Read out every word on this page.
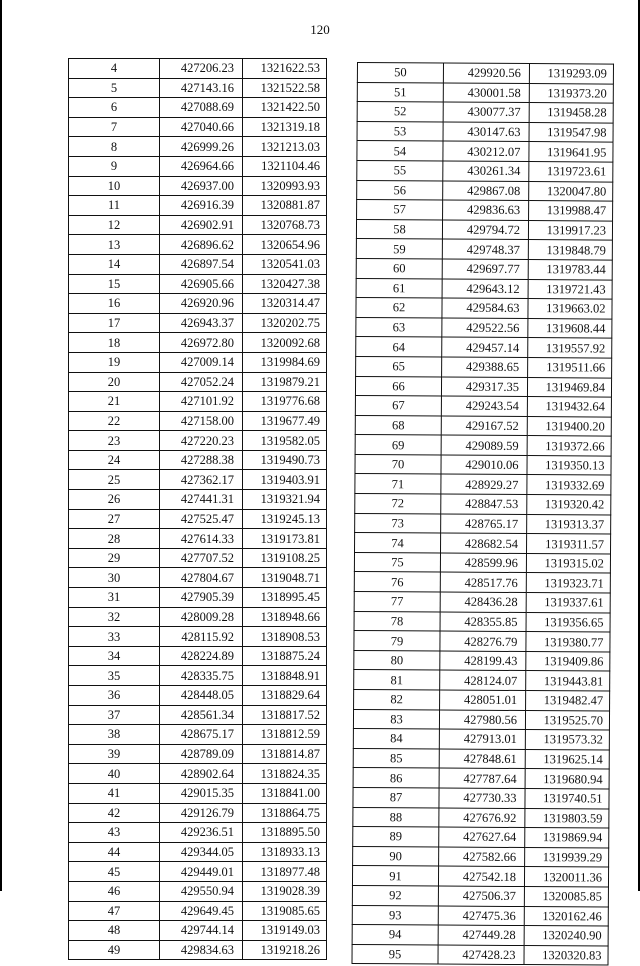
120
4	427206.23	1321622.53
5	427143.16	1321522.58
6	427088.69	1321422.50
7	427040.66	1321319.18
8	426999.26	1321213.03
9	426964.66	1321104.46
10	426937.00	1320993.93
11	426916.39	1320881.87
12	426902.91	1320768.73
13	426896.62	1320654.96
14	426897.54	1320541.03
15	426905.66	1320427.38
16	426920.96	1320314.47
17	426943.37	1320202.75
18	426972.80	1320092.68
19	427009.14	1319984.69
20	427052.24	1319879.21
21	427101.92	1319776.68
22	427158.00	1319677.49
23	427220.23	1319582.05
24	427288.38	1319490.73
25	427362.17	1319403.91
26	427441.31	1319321.94
27	427525.47	1319245.13
28	427614.33	1319173.81
29	427707.52	1319108.25
30	427804.67	1319048.71
31	427905.39	1318995.45
32	428009.28	1318948.66
33	428115.92	1318908.53
34	428224.89	1318875.24
35	428335.75	1318848.91
36	428448.05	1318829.64
37	428561.34	1318817.52
38	428675.17	1318812.59
39	428789.09	1318814.87
40	428902.64	1318824.35
41	429015.35	1318841.00
42	429126.79	1318864.75
43	429236.51	1318895.50
44	429344.05	1318933.13
45	429449.01	1318977.48
46	429550.94	1319028.39
47	429649.45	1319085.65
48	429744.14	1319149.03
49	429834.63	1319218.26
50	429920.56	1319293.09
51	430001.58	1319373.20
52	430077.37	1319458.28
53	430147.63	1319547.98
54	430212.07	1319641.95
55	430261.34	1319723.61
56	429867.08	1320047.80
57	429836.63	1319988.47
58	429794.72	1319917.23
59	429748.37	1319848.79
60	429697.77	1319783.44
61	429643.12	1319721.43
62	429584.63	1319663.02
63	429522.56	1319608.44
64	429457.14	1319557.92
65	429388.65	1319511.66
66	429317.35	1319469.84
67	429243.54	1319432.64
68	429167.52	1319400.20
69	429089.59	1319372.66
70	429010.06	1319350.13
71	428929.27	1319332.69
72	428847.53	1319320.42
73	428765.17	1319313.37
74	428682.54	1319311.57
75	428599.96	1319315.02
76	428517.76	1319323.71
77	428436.28	1319337.61
78	428355.85	1319356.65
79	428276.79	1319380.77
80	428199.43	1319409.86
81	428124.07	1319443.81
82	428051.01	1319482.47
83	427980.56	1319525.70
84	427913.01	1319573.32
85	427848.61	1319625.14
86	427787.64	1319680.94
87	427730.33	1319740.51
88	427676.92	1319803.59
89	427627.64	1319869.94
90	427582.66	1319939.29
91	427542.18	1320011.36
92	427506.37	1320085.85
93	427475.36	1320162.46
94	427449.28	1320240.90
95	427428.23	1320320.83
